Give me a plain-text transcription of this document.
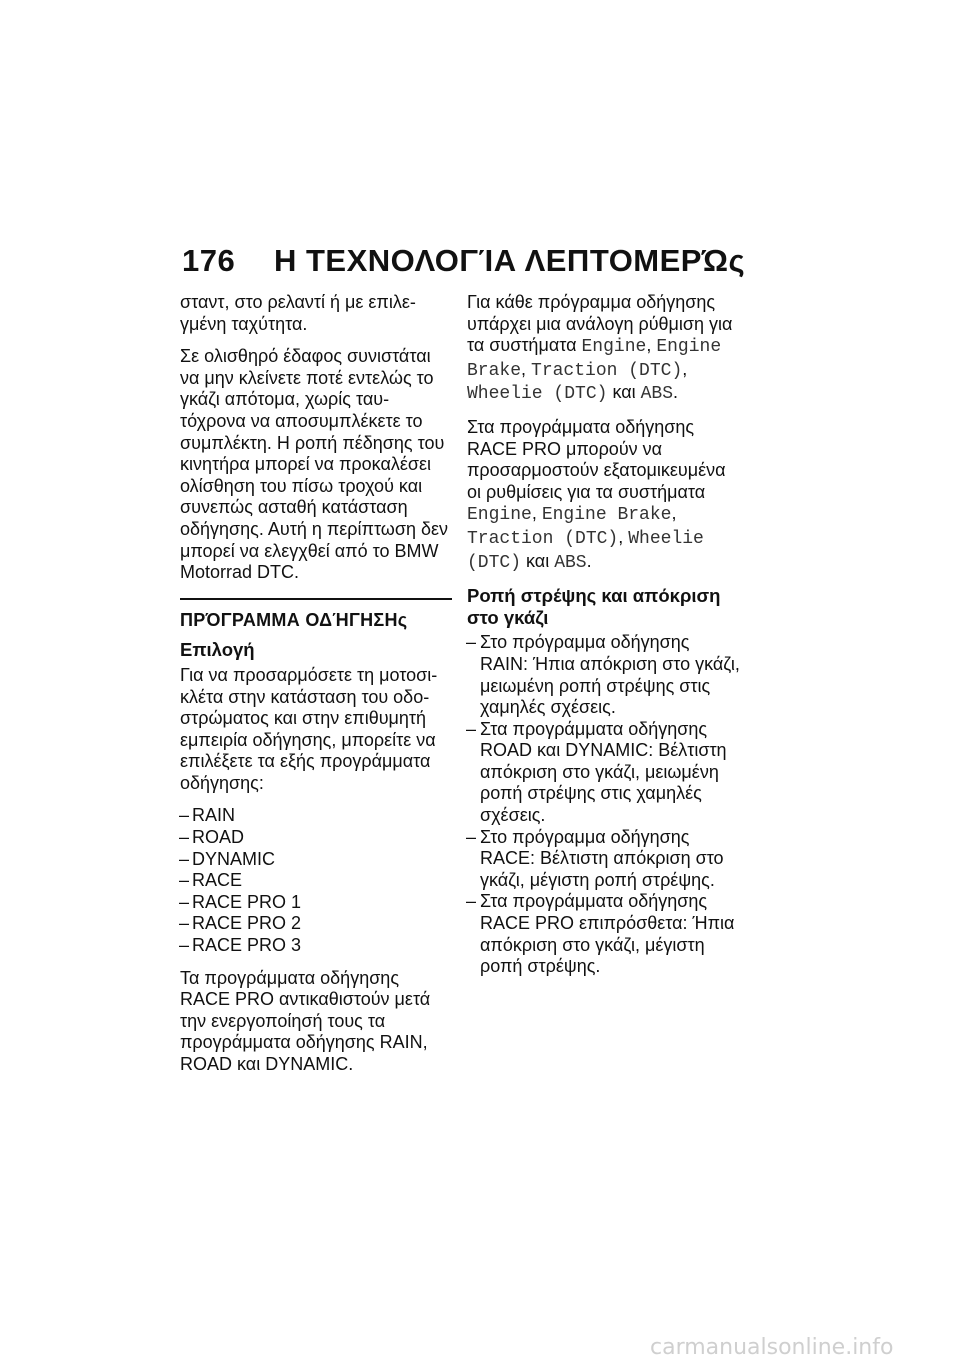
176 Η ΤΕΧΝΟΛΟΓΊΑ ΛΕΠΤΟΜΕΡΏς

σταντ, στο ρελαντί ή με επιλε-γμένη ταχύτητα.

Σε ολισθηρό έδαφος συνιστάται να μην κλείνετε ποτέ εντελώς το γκάζι απότομα, χωρίς ταυ-τόχρονα να αποσυμπλέκετε το συμπλέκτη. Η ροπή πέδησης του κινητήρα μπορεί να προκαλέσει ολίσθηση του πίσω τροχού και συνεπώς ασταθή κατάσταση οδήγησης. Αυτή η περίπτωση δεν μπορεί να ελεγχθεί από το BMW Motorrad DTC.

ΠΡΌΓΡΑΜΜΑ ΟΔΉΓΗΣΗς
Επιλογή

Για να προσαρμόσετε τη μοτοσι-κλέτα στην κατάσταση του οδο-στρώματος και στην επιθυμητή εμπειρία οδήγησης, μπορείτε να επιλέξετε τα εξής προγράμματα οδήγησης:

– RAIN
– ROAD
– DYNAMIC
– RACE
– RACE PRO 1
– RACE PRO 2
– RACE PRO 3

Τα προγράμματα οδήγησης RACE PRO αντικαθιστούν μετά την ενεργοποίησή τους τα προγράμματα οδήγησης RAIN, ROAD και DYNAMIC.

Για κάθε πρόγραμμα οδήγησης υπάρχει μια ανάλογη ρύθμιση για τα συστήματα Engine, Engine Brake, Traction (DTC), Wheelie (DTC) και ABS.

Στα προγράμματα οδήγησης RACE PRO μπορούν να προσαρμοστούν εξατομικευμένα οι ρυθμίσεις για τα συστήματα Engine, Engine Brake, Traction (DTC), Wheelie (DTC) και ABS.

Ροπή στρέψης και απόκριση στο γκάζι
– Στο πρόγραμμα οδήγησης RAIN: Ήπια απόκριση στο γκάζι, μειωμένη ροπή στρέψης στις χαμηλές σχέσεις.
– Στα προγράμματα οδήγησης ROAD και DYNAMIC: Βέλτιστη απόκριση στο γκάζι, μειωμένη ροπή στρέψης στις χαμηλές σχέσεις.
– Στο πρόγραμμα οδήγησης RACE: Βέλτιστη απόκριση στο γκάζι, μέγιστη ροπή στρέψης.
– Στα προγράμματα οδήγησης RACE PRO επιπρόσθετα: Ήπια απόκριση στο γκάζι, μέγιστη ροπή στρέψης.
carmanualsonline.info
